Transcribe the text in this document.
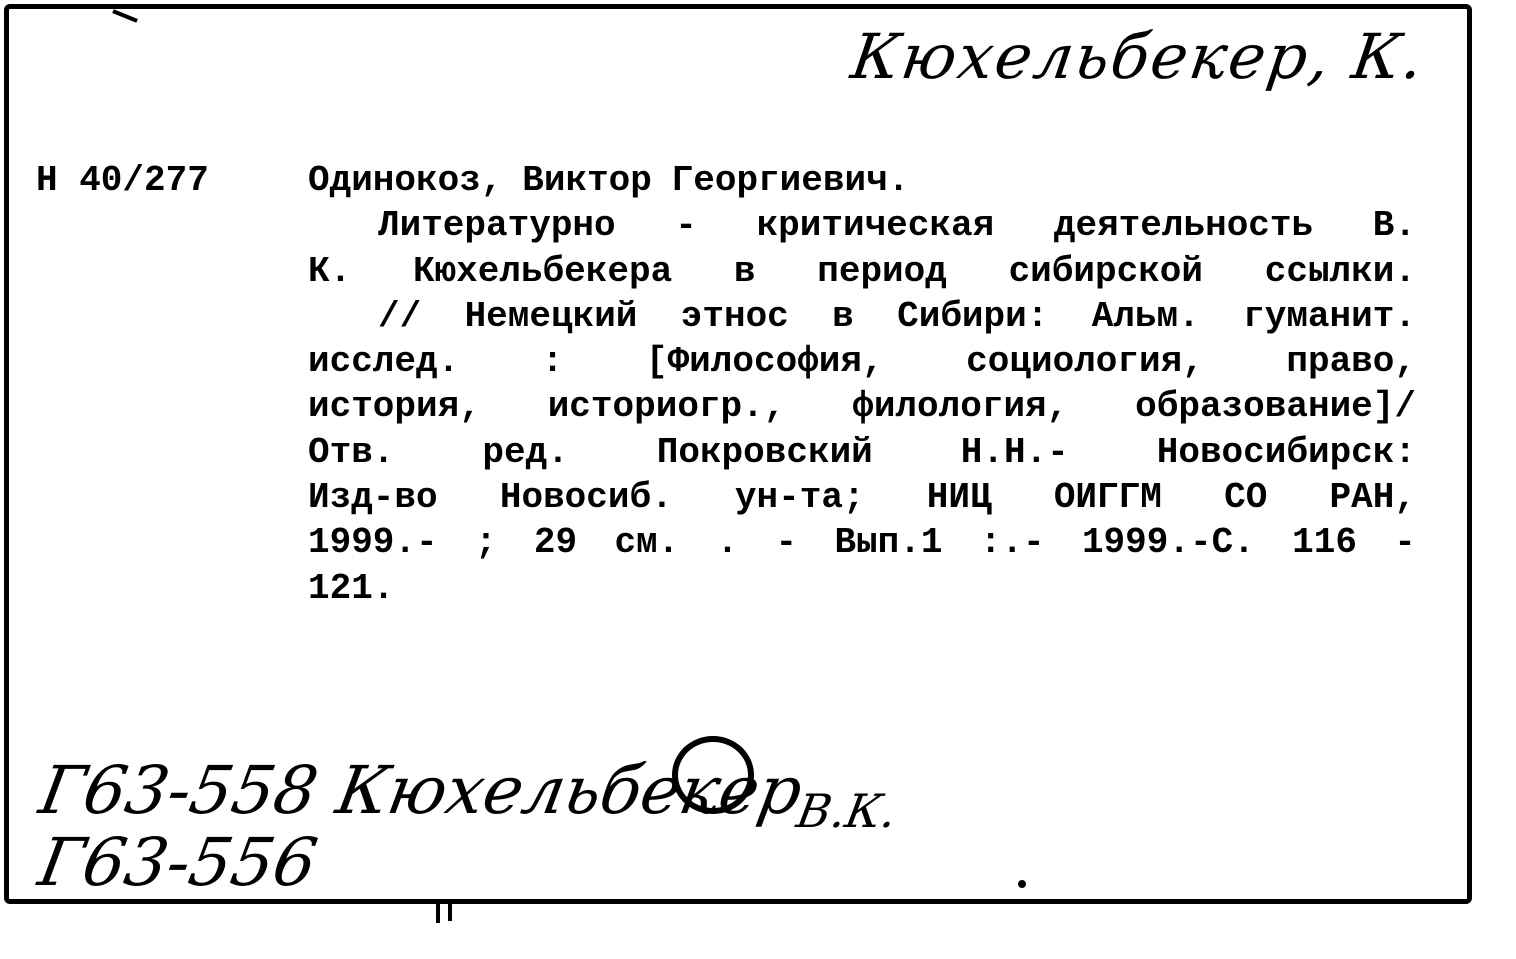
Кюхельбекер, К.
Н 40/277	Одинокоз, Виктор Георгиевич.
Литературно - критическая деятельность В.
К. Кюхельбекера в период сибирской ссылки.
// Немецкий этнос в Сибири: Альм. гуманит.
исслед. : [Философия, социология, право,
история, историогр., филология, образование]/
Отв. ред. Покровский Н.Н.- Новосибирск:
Изд-во Новосиб. ун-та; НИЦ ОИГГМ СО РАН,
1999.- ; 29 см. . - Вып.1 :.- 1999.-С. 116 -
121.
Г63-558 Кюхельбекер$_{В.К.}$
Г63-556
